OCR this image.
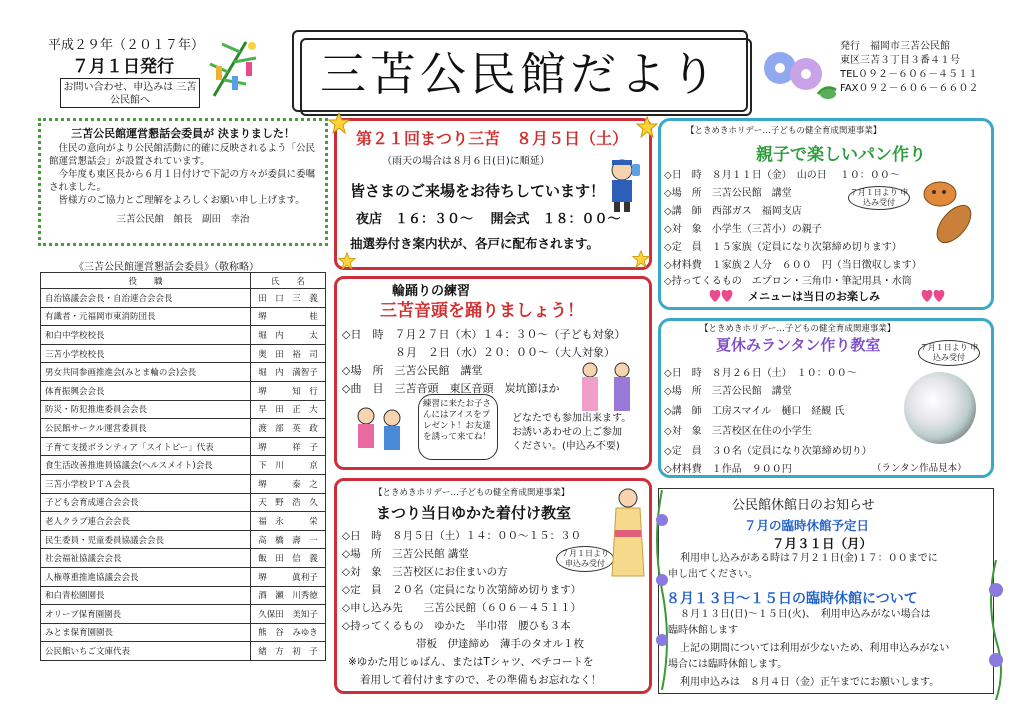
平成２９年（２０１７年）
７月１日発行
お問い合わせ、申込みは 三苫公民館へ	三苫公民館だより
発行　福岡市三苫公民館
東区三苫３丁目３番４１号
TEL０９２－６０６－４５１１
FAX０９２－６０６－６６０２
三苫公民館運営懇話会委員が 決まりました！
住民の意向がより公民館活動に的確に反映されるよう「公民館運営懇話会」が設置されています。
今年度も東区長から６月１日付けで下記の方々が委員に委嘱されました。
皆様方のご協力とご理解をよろしくお願い申し上げます。
三苫公民館　館長　副田　幸治
《三苫公民館運営懇話会委員》（敬称略）
役　　職	氏　　名
自治協議会会長・自治連合会会長	田　口　三　義
有識者・元福岡市東消防団長	堺　　　　　桂
和白中学校校長	堀　内　　　太
三苫小学校校長	奥　田　裕　司
男女共同参画推進会(みとま輪の会)会長	堀　内　満智子
体育振興会会長	堺　　　知　行
防災・防犯推進委員会会長	早　田　正　大
公民館サークル運営委員長	渡　部　英　政
子育て支援ボランティア「スイトピー」代表	堺　　　祥　子
食生活改善推進員協議会(ヘルスメイト)会長	下　川　　　京
三苫小学校ＰＴＡ会長	堺　　　泰　之
子ども会育成連合会会長	天　野　浩　久
老人クラブ連合会会長	福　永　　　栄
民生委員・児童委員協議会会長	高　橋　壽　一
社会福祉協議会会長	飯　田　信　義
人権尊重推進協議会会長	堺　　　眞利子
和白青松園園長	酒　瀬　川秀徳
オリーブ保育園園長	久保田　美知子
みとま保育園園長	熊　谷　みゆき
公民館いちご文庫代表	緒　方　初　子
第２１回まつり三苫　８月５日（土）
（雨天の場合は８月６日(日)に順延）
皆さまのご来場をお待ちしています！
夜店　１６：３０～　 開会式　１８：００～
抽選券付き案内状が、各戸に配布されます。
輪踊りの練習
三苫音頭を踊りましょう！
◇日　時　７月２７日（木）１４：３０～（子ども対象）
８月　２日（水）２０：００～（大人対象）
◇場　所　三苫公民館　講堂
◇曲　目　三苫音頭　東区音頭　炭坑節ほか
練習に来たお子さんにはアイスをプレゼント！お友達を誘って来てね！
どなたでも参加出来ます。
お誘いあわせの上ご参加
ください。(申込み不要)
【ときめきホリデー…子どもの健全育成関連事業】
まつり当日ゆかた着付け教室
◇日　時　８月５日（土）１４：００～１５：３０
◇場　所　三苫公民館 講堂
◇対　象　三苫校区にお住まいの方
◇定　員　２０名（定員になり次第締め切ります）
◇申し込み先　　三苫公民館（６０６－４５１１）
◇持ってくるもの　ゆかた　半巾帯　腰ひも３本
帯板　伊達締め　薄手のタオル１枚
※ゆかた用じゅばん、またはTシャツ、ペチコートを
着用して着付けますので、その準備もお忘れなく！
７月１日より 申込み受付
【ときめきホリデー…子どもの健全育成関連事業】
親子で楽しいパン作り
◇日　時　８月１１日（金）　山の日　 １０：００～
◇場　所　三苫公民館　講堂
◇講　師　西部ガス　福岡支店
◇対　象　小学生（三苫小）の親子
◇定　員　１５家族（定員になり次第締め切ります）
◇材料費　１家族２人分　６００　円（当日徴収します）
◇持ってくるもの　エプロン・三角巾・筆記用具・水筒
７月１日より 申込み受付
メニューは当日のお楽しみ
【ときめきホリデー…子どもの健全育成関連事業】
夏休みランタン作り教室
◇日　時　８月２６日（土）　１０：００～
◇場　所　三苫公民館　講堂
◇講　師　工房スマイル　樋口　経観 氏
◇対　象　三苫校区在住の小学生
◇定　員　３０名（定員になり次第締め切り）
◇材料費　１作品　９００円
７月１日より 申込み受付
（ランタン作品見本）
公民館休館日のお知らせ
７月の臨時休館予定日
７月３１日（月）
利用申し込みがある時は７月２１日(金)１７：００までに
申し出てください。
８月１３日～１５日の臨時休館について
８月１３日(日)～１５日(火)、　利用申込みがない場合は
臨時休館します
上記の期間については利用が少ないため、利用申込みがない
場合には臨時休館します。
利用申込みは　８月４日（金）正午までにお願いします。
